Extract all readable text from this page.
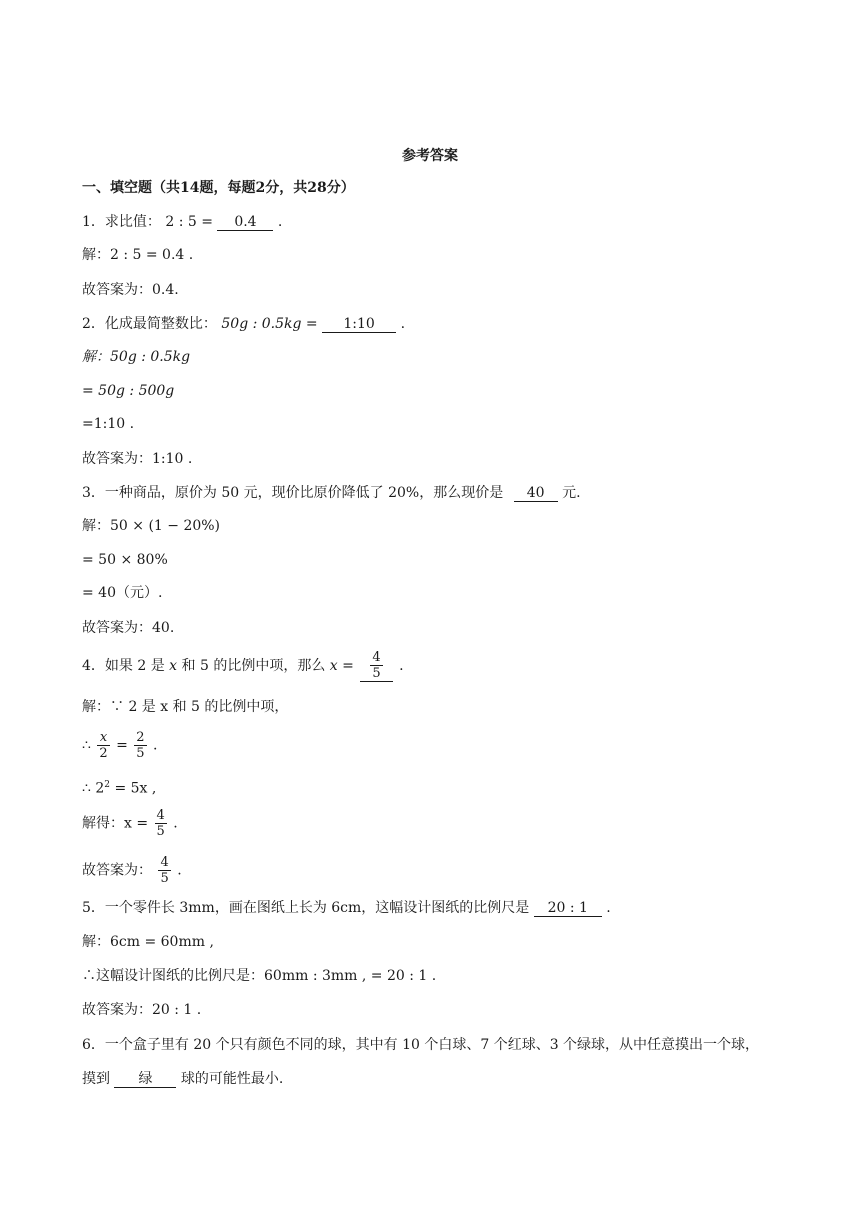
参考答案
一、填空题（共14题，每题2分，共28分）
1．求比值： 2 : 5 = 0.4 .
解：2 : 5 = 0.4 .
故答案为：0.4.
2．化成最简整数比： 50g : 0.5kg = 1:10 .
解：50g : 0.5kg
= 50g : 500g
=1:10 .
故答案为：1:10 .
3．一种商品，原价为 50 元，现价比原价降低了 20%，那么现价是 40 元.
解：50 × (1 − 20%)
= 50 × 80%
= 40（元）.
故答案为：40.
4．如果 2 是 x 和 5 的比例中项，那么 $x = \frac{4}{5}$ .
解：∵ 2 是 x 和 5 的比例中项，
∴ $\frac{x}{2} = \frac{2}{5}$ .
∴ $2^2 = 5x$ ,
解得：$x = \frac{4}{5}$ .
故答案为： $\frac{4}{5}$ .
5．一个零件长 3mm，画在图纸上长为 6cm，这幅设计图纸的比例尺是 20 : 1 .
解：6cm = 60mm ,
∴这幅设计图纸的比例尺是：60mm : 3mm , = 20 : 1 .
故答案为：20 : 1 .
6．一个盒子里有 20 个只有颜色不同的球，其中有 10 个白球、7 个红球、3 个绿球，从中任意摸出一个球，
摸到 绿 球的可能性最小.
